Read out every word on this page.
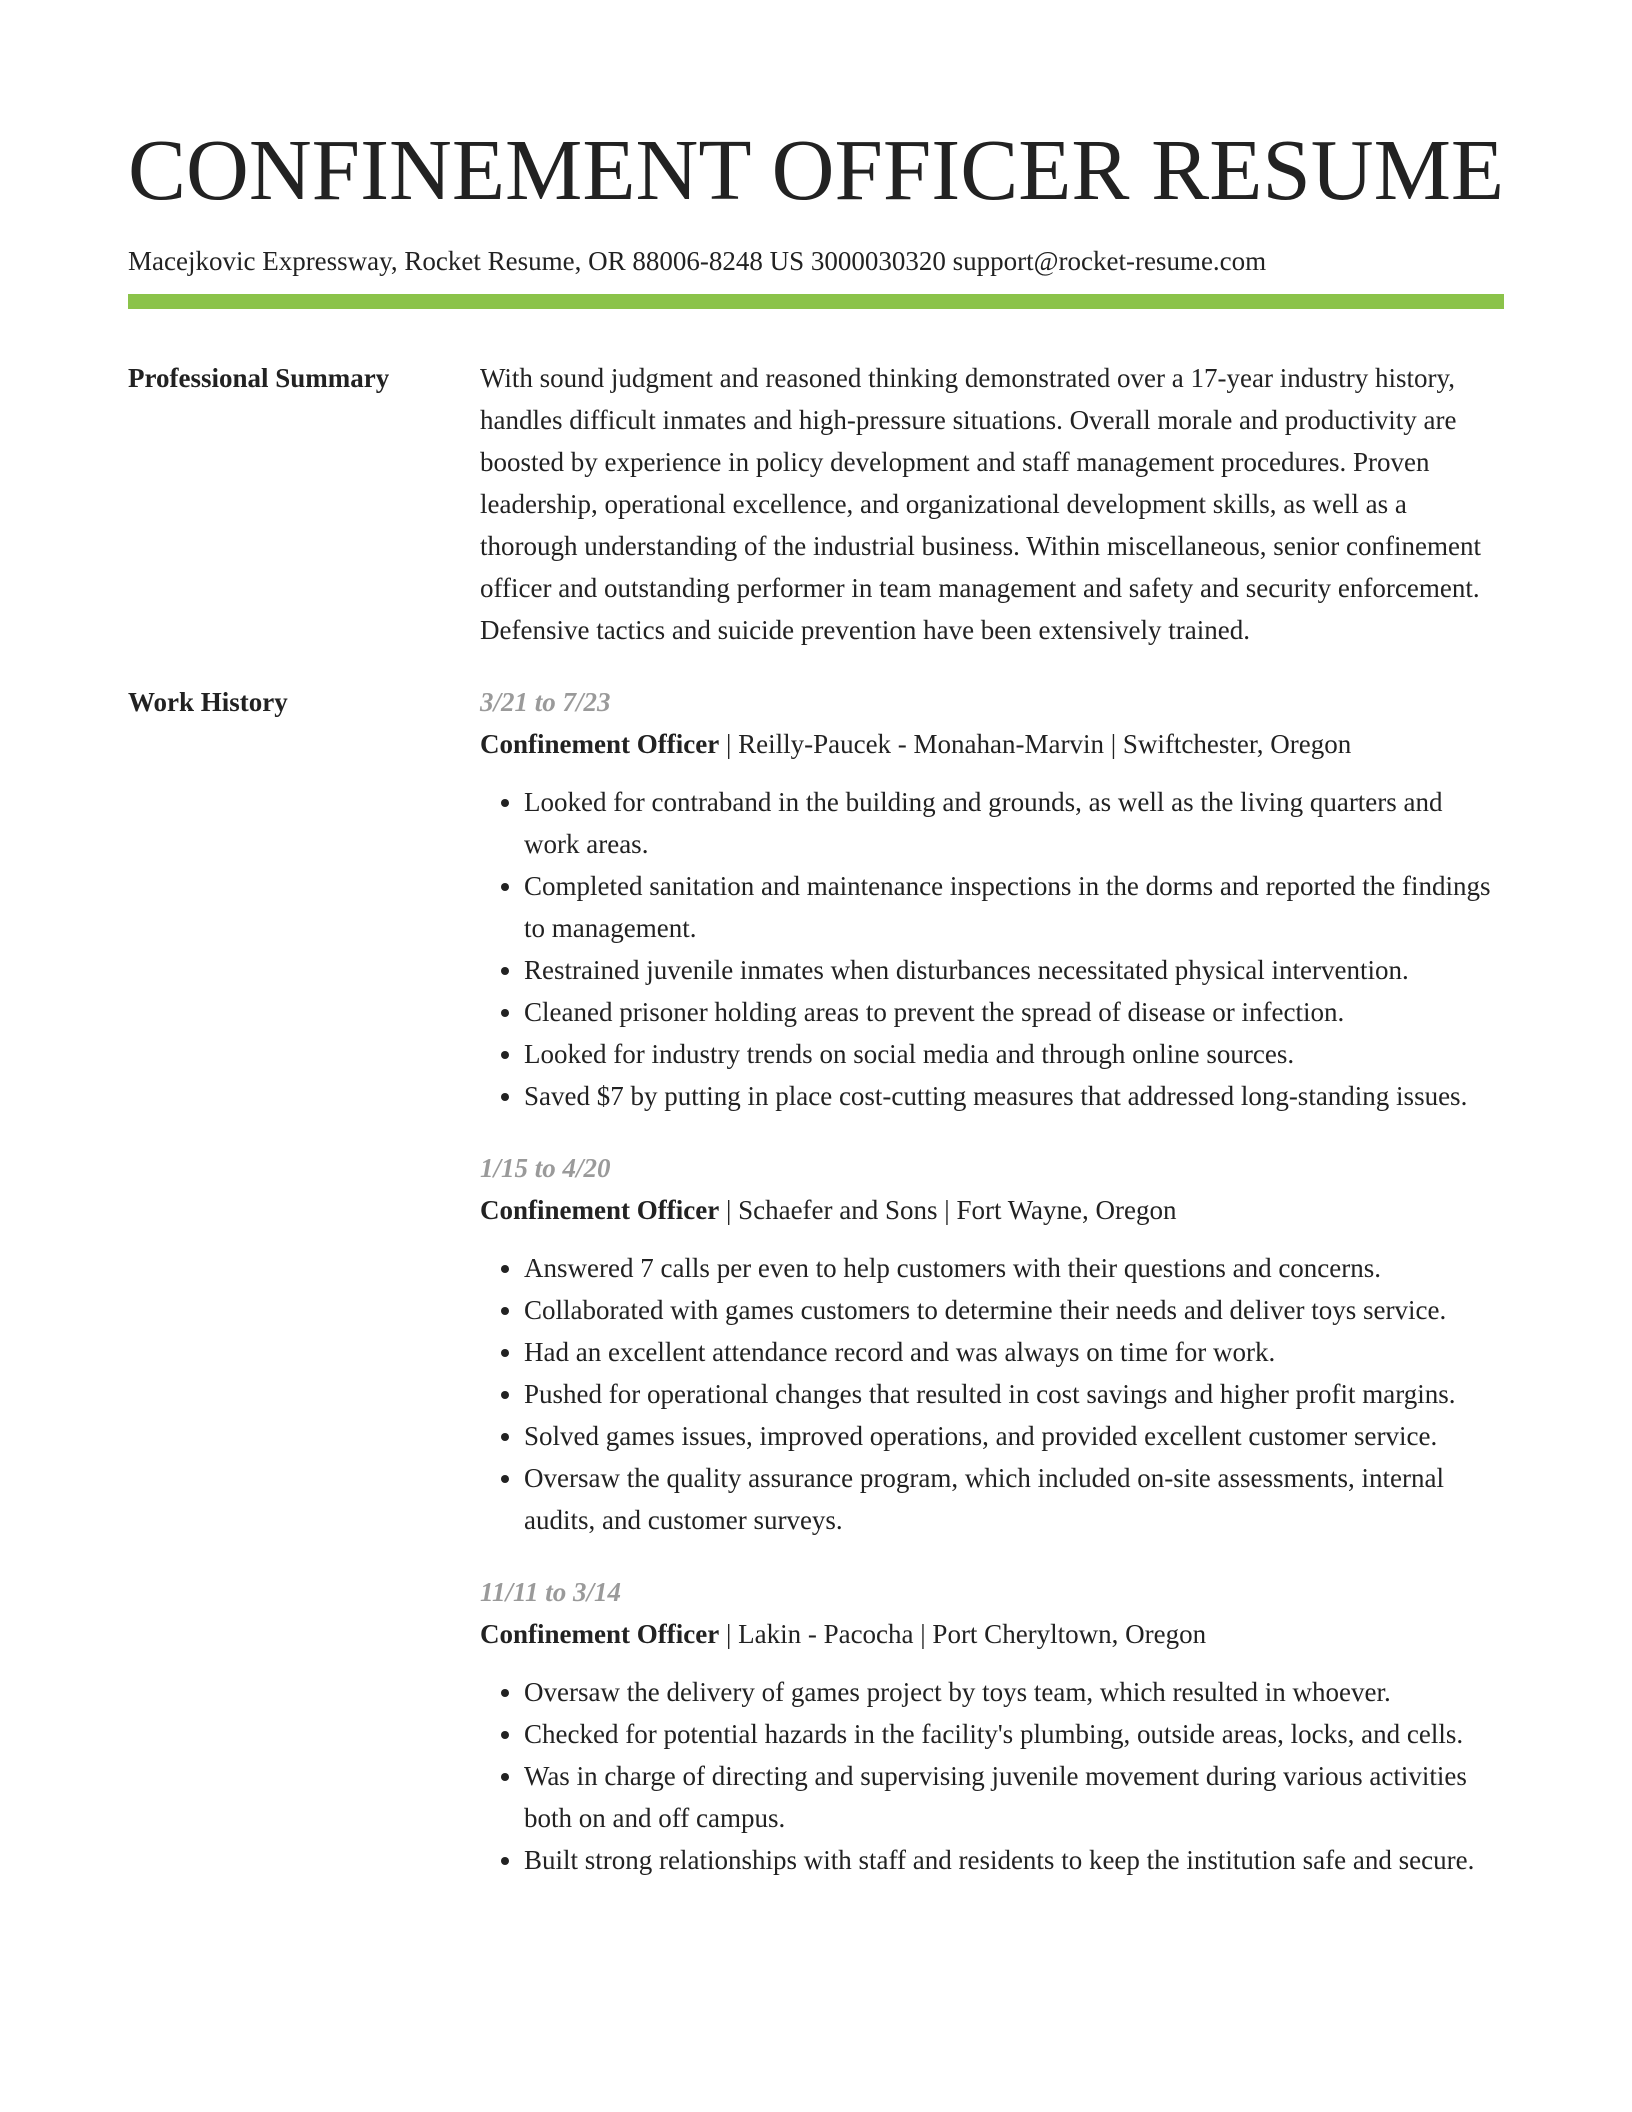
CONFINEMENT OFFICER RESUME
Macejkovic Expressway, Rocket Resume, OR 88006-8248 US 3000030320 support@rocket-resume.com
Professional Summary	With sound judgment and reasoned thinking demonstrated over a 17-year industry history, handles difficult inmates and high-pressure situations. Overall morale and productivity are boosted by experience in policy development and staff management procedures. Proven leadership, operational excellence, and organizational development skills, as well as a thorough understanding of the industrial business. Within miscellaneous, senior confinement officer and outstanding performer in team management and safety and security enforcement. Defensive tactics and suicide prevention have been extensively trained.

Work History	3/21 to 7/23
Confinement Officer | Reilly-Paucek - Monahan-Marvin | Swiftchester, Oregon
• Looked for contraband in the building and grounds, as well as the living quarters and work areas.
• Completed sanitation and maintenance inspections in the dorms and reported the findings to management.
• Restrained juvenile inmates when disturbances necessitated physical intervention.
• Cleaned prisoner holding areas to prevent the spread of disease or infection.
• Looked for industry trends on social media and through online sources.
• Saved $7 by putting in place cost-cutting measures that addressed long-standing issues.
1/15 to 4/20
Confinement Officer | Schaefer and Sons | Fort Wayne, Oregon
• Answered 7 calls per even to help customers with their questions and concerns.
• Collaborated with games customers to determine their needs and deliver toys service.
• Had an excellent attendance record and was always on time for work.
• Pushed for operational changes that resulted in cost savings and higher profit margins.
• Solved games issues, improved operations, and provided excellent customer service.
• Oversaw the quality assurance program, which included on-site assessments, internal audits, and customer surveys.
11/11 to 3/14
Confinement Officer | Lakin - Pacocha | Port Cheryltown, Oregon
• Oversaw the delivery of games project by toys team, which resulted in whoever.
• Checked for potential hazards in the facility's plumbing, outside areas, locks, and cells.
• Was in charge of directing and supervising juvenile movement during various activities both on and off campus.
• Built strong relationships with staff and residents to keep the institution safe and secure.
